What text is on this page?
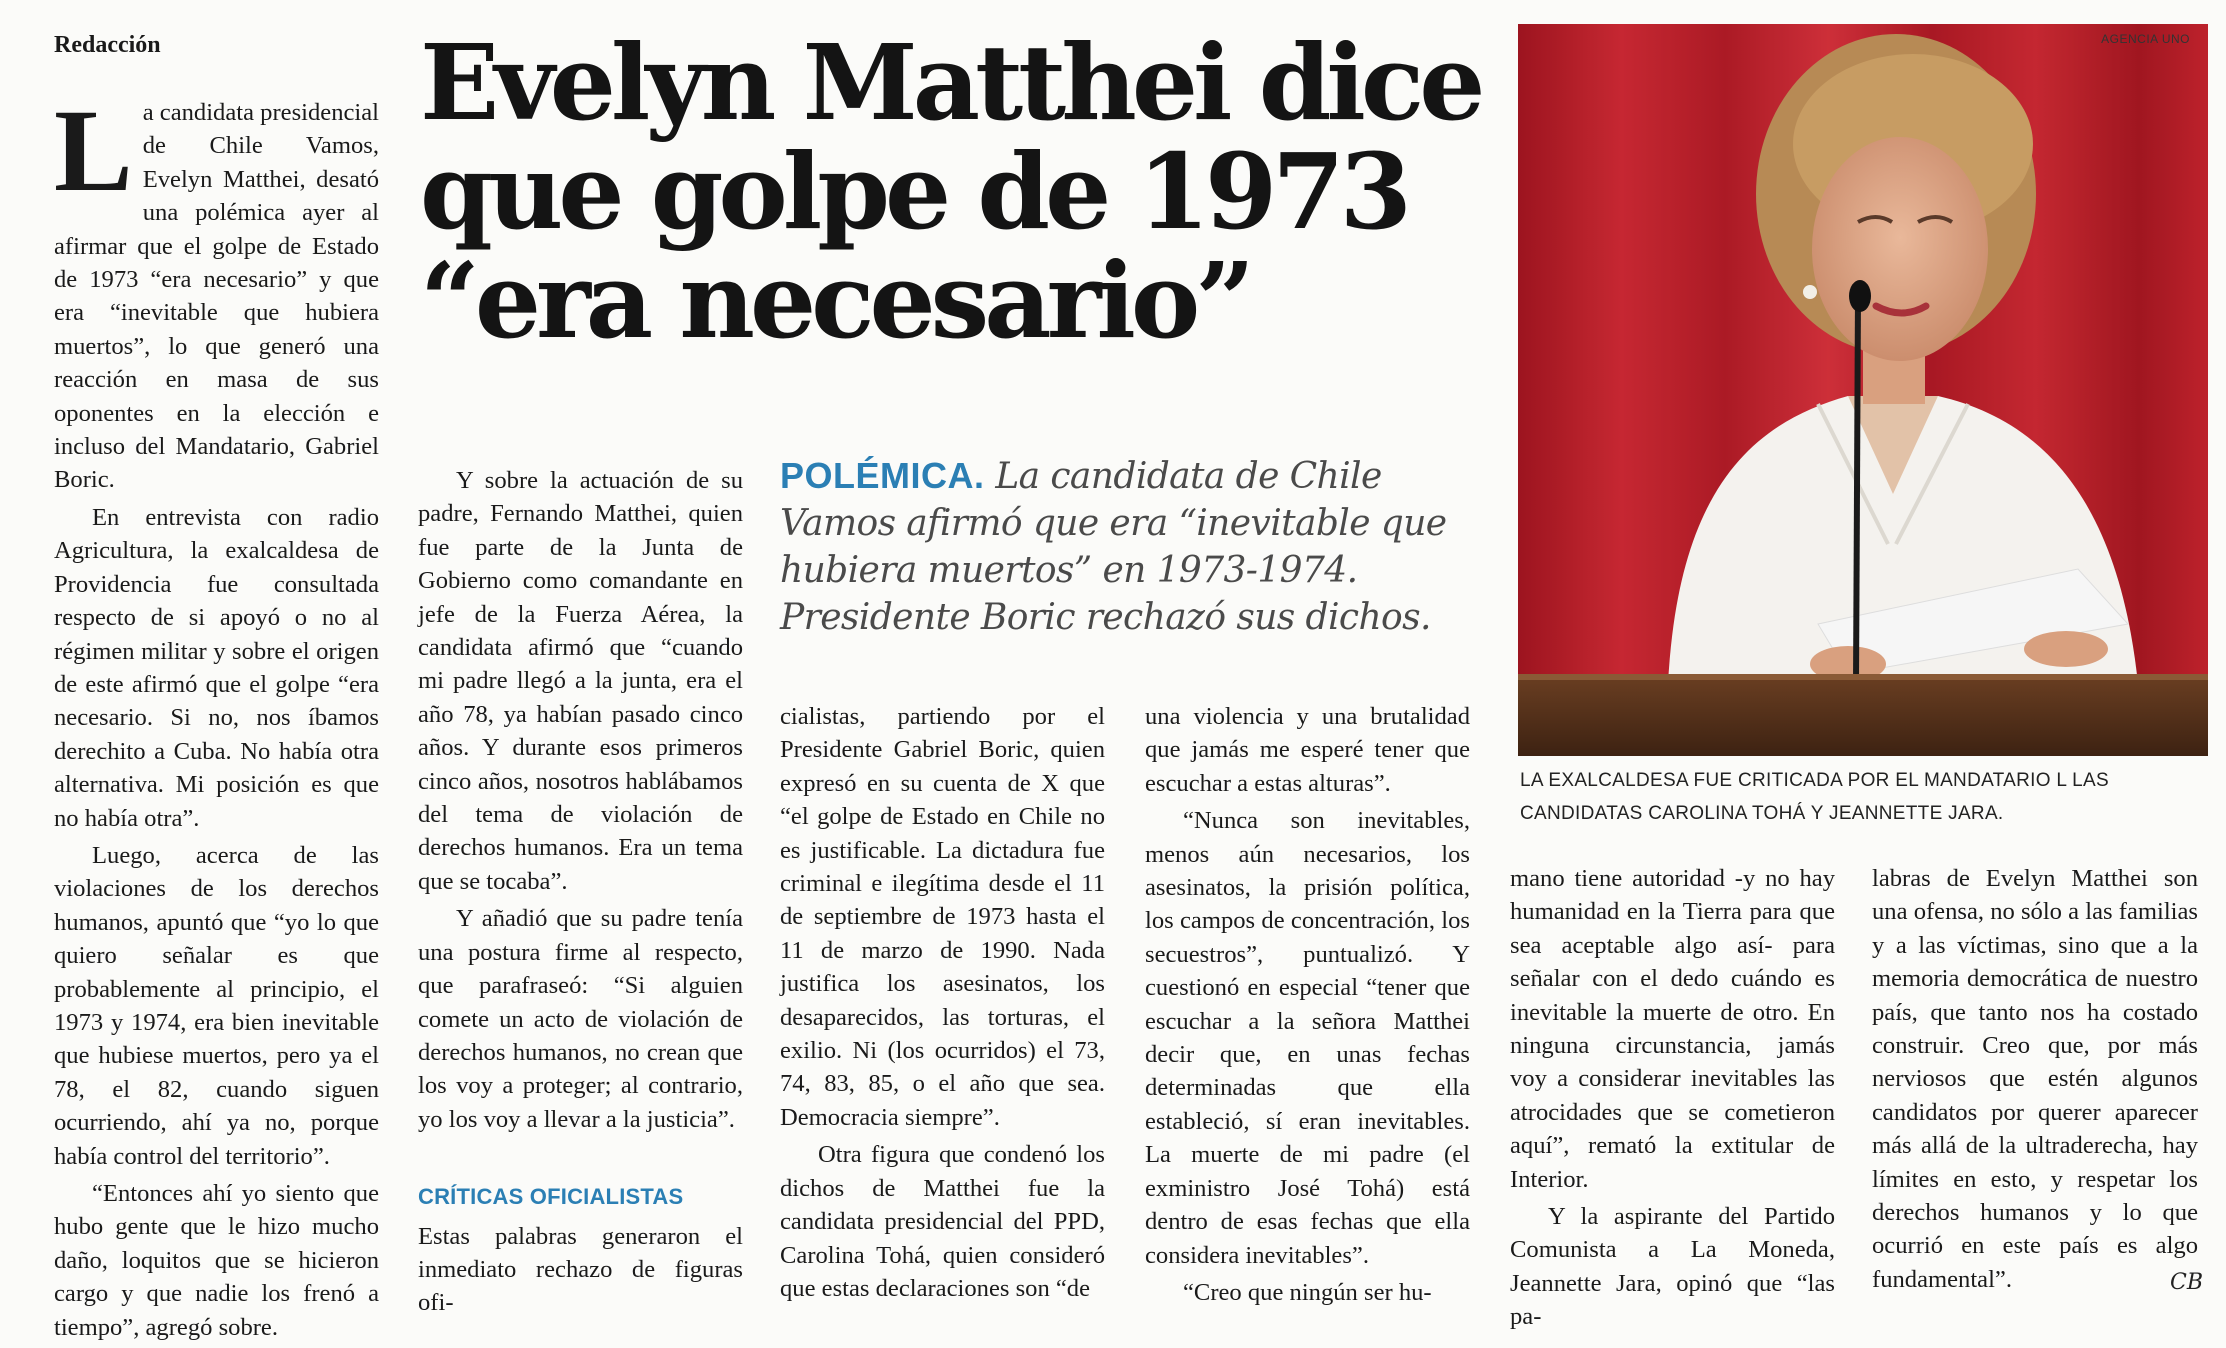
Redacción Evelyn Matthei dice
que golpe de 1973
“era necesario”
POLÉMICA. La candidata de Chile Vamos afirmó que era “inevitable que hubiera muertos” en 1973-1974. Presidente Boric rechazó sus dichos.

La candidata presidencial de Chile Vamos, Evelyn Matthei, desató una polémica ayer al afirmar que el golpe de Estado de 1973 “era necesario” y que era “inevitable que hubiera muertos”, lo que generó una reacción en masa de sus oponentes en la elección e incluso del Mandatario, Gabriel Boric.

En entrevista con radio Agricultura, la exalcaldesa de Providencia fue consultada respecto de si apoyó o no al régimen militar y sobre el origen de este afirmó que el golpe “era necesario. Si no, nos íbamos derechito a Cuba. No había otra alternativa. Mi posición es que no había otra”.

Luego, acerca de las violaciones de los derechos humanos, apuntó que “yo lo que quiero señalar es que probablemente al principio, el 1973 y 1974, era bien inevitable que hubiese muertos, pero ya el 78, el 82, cuando siguen ocurriendo, ahí ya no, porque había control del territorio”.

“Entonces ahí yo siento que hubo gente que le hizo mucho daño, loquitos que se hicieron cargo y que nadie los frenó a tiempo”, agregó sobre.

Y sobre la actuación de su padre, Fernando Matthei, quien fue parte de la Junta de Gobierno como comandante en jefe de la Fuerza Aérea, la candidata afirmó que “cuando mi padre llegó a la junta, era el año 78, ya habían pasado cinco años. Y durante esos primeros cinco años, nosotros hablábamos del tema de violación de derechos humanos. Era un tema que se tocaba”.

Y añadió que su padre tenía una postura firme al respecto, que parafraseó: “Si alguien comete un acto de violación de derechos humanos, no crean que los voy a proteger; al contrario, yo los voy a llevar a la justicia”.

CRÍTICAS OFICIALISTAS

Estas palabras generaron el inmediato rechazo de figuras ofi-

cialistas, partiendo por el Presidente Gabriel Boric, quien expresó en su cuenta de X que “el golpe de Estado en Chile no es justificable. La dictadura fue criminal e ilegítima desde el 11 de septiembre de 1973 hasta el 11 de marzo de 1990. Nada justifica los asesinatos, los desaparecidos, las torturas, el exilio. Ni (los ocurridos) el 73, 74, 83, 85, o el año que sea. Democracia siempre”.

Otra figura que condenó los dichos de Matthei fue la candidata presidencial del PPD, Carolina Tohá, quien consideró que estas declaraciones son “de

una violencia y una brutalidad que jamás me esperé tener que escuchar a estas alturas”.

“Nunca son inevitables, menos aún necesarios, los asesinatos, la prisión política, los campos de concentración, los secuestros”, puntualizó. Y cuestionó en especial “tener que escuchar a la señora Matthei decir que, en unas fechas determinadas que ella estableció, sí eran inevitables. La muerte de mi padre (el exministro José Tohá) está dentro de esas fechas que ella considera inevitables”.

“Creo que ningún ser hu-

mano tiene autoridad -y no hay humanidad en la Tierra para que sea aceptable algo así- para señalar con el dedo cuándo es inevitable la muerte de otro. En ninguna circunstancia, jamás voy a considerar inevitables las atrocidades que se cometieron aquí”, remató la extitular de Interior.

Y la aspirante del Partido Comunista a La Moneda, Jeannette Jara, opinó que “las pa-

labras de Evelyn Matthei son una ofensa, no sólo a las familias y a las víctimas, sino que a la memoria democrática de nuestro país, que tanto nos ha costado construir. Creo que, por más nerviosos que estén algunos candidatos por querer aparecer más allá de la ultraderecha, hay límites en esto, y respetar los derechos humanos y lo que ocurrió en este país es algo fundamental”.

AGENCIA UNO
LA EXALCALDESA FUE CRITICADA POR EL MANDATARIO L LAS CANDIDATAS CAROLINA TOHÁ Y JEANNETTE JARA.
CB
